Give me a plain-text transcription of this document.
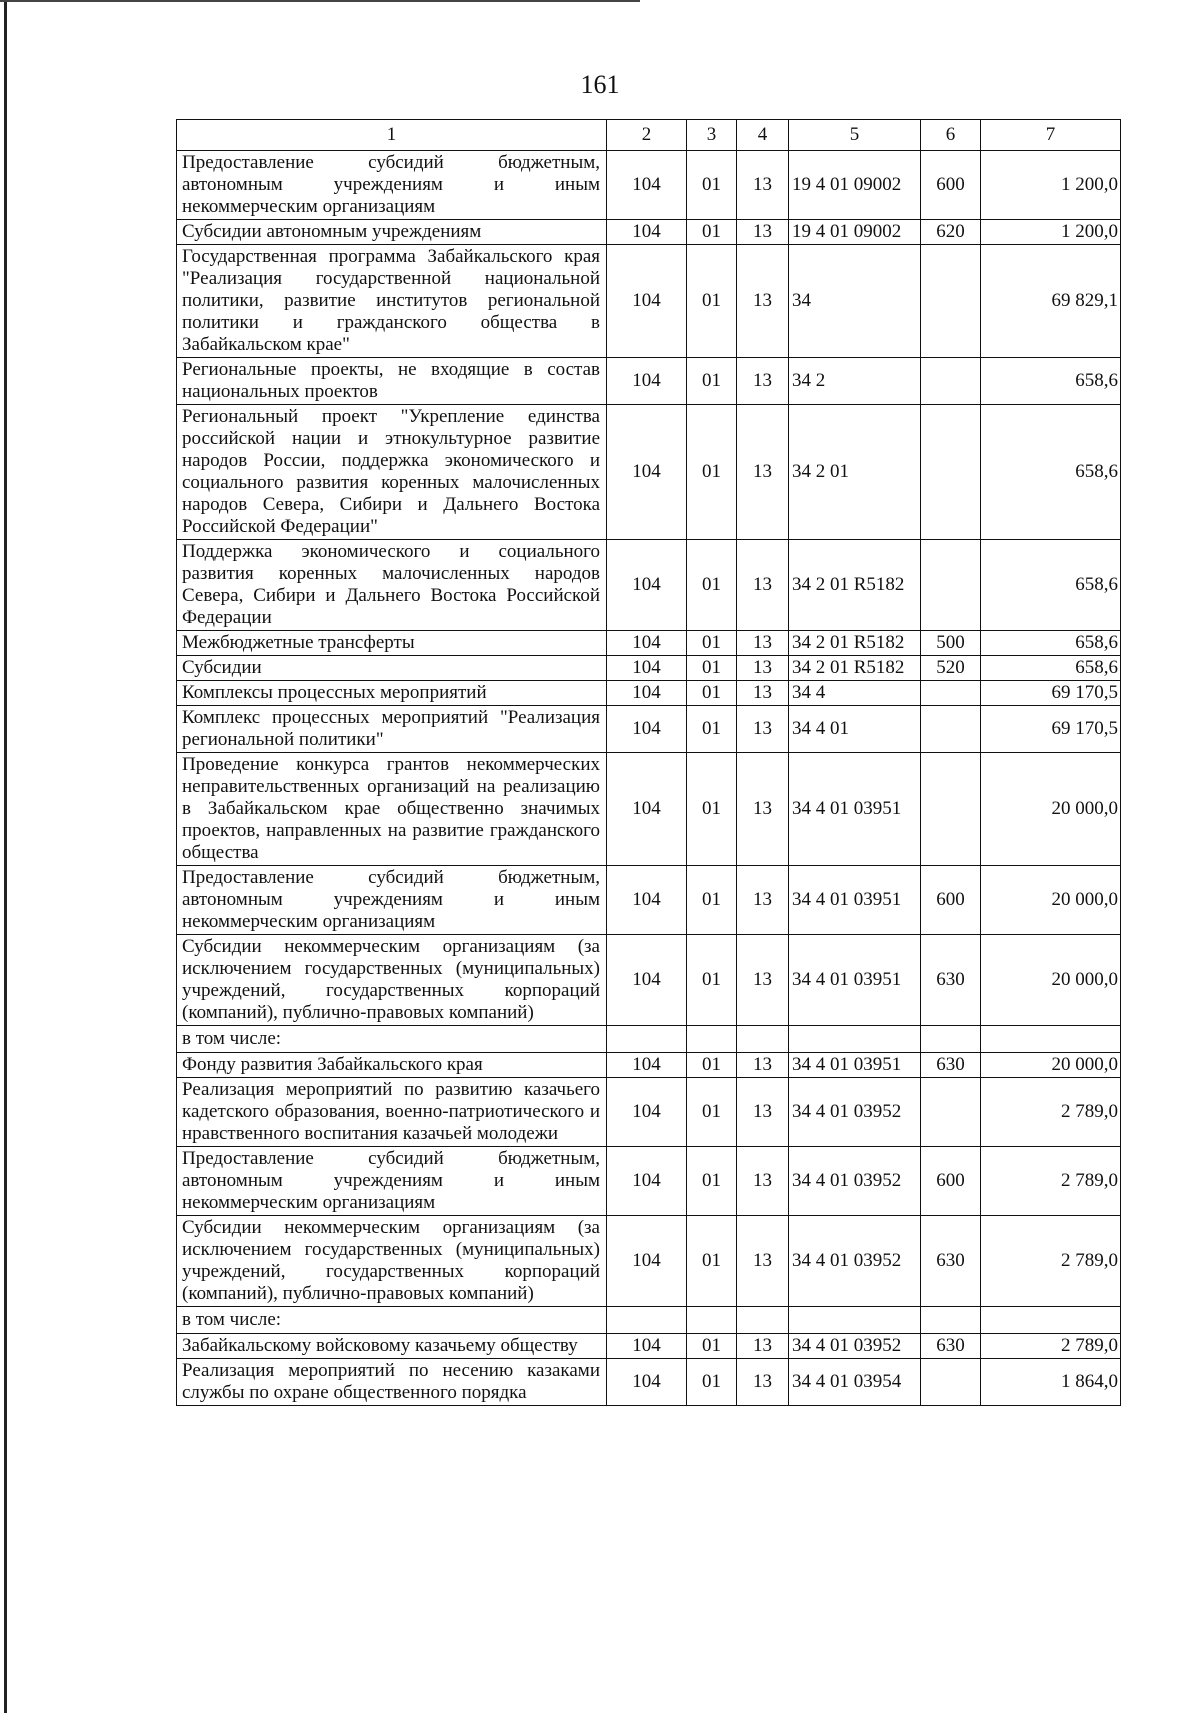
161
1	2	3	4	5	6	7
Предоставление субсидий бюджетным, автономным учреждениям и иным некоммерческим организациям	104	01	13	19 4 01 09002	600	1 200,0
Субсидии автономным учреждениям	104	01	13	19 4 01 09002	620	1 200,0
Государственная программа Забайкальского края "Реализация государственной национальной политики, развитие институтов региональной политики и гражданского общества в Забайкальском крае"	104	01	13	34		69 829,1
Региональные проекты, не входящие в состав национальных проектов	104	01	13	34 2		658,6
Региональный проект "Укрепление единства российской нации и этнокультурное развитие народов России, поддержка экономического и социального развития коренных малочисленных народов Севера, Сибири и Дальнего Востока Российской Федерации"	104	01	13	34 2 01		658,6
Поддержка экономического и социального развития коренных малочисленных народов Севера, Сибири и Дальнего Востока Российской Федерации	104	01	13	34 2 01 R5182		658,6
Межбюджетные трансферты	104	01	13	34 2 01 R5182	500	658,6
Субсидии	104	01	13	34 2 01 R5182	520	658,6
Комплексы процессных мероприятий	104	01	13	34 4		69 170,5
Комплекс процессных мероприятий "Реализация региональной политики"	104	01	13	34 4 01		69 170,5
Проведение конкурса грантов некоммерческих неправительственных организаций на реализацию в Забайкальском крае общественно значимых проектов, направленных на развитие гражданского общества	104	01	13	34 4 01 03951		20 000,0
Предоставление субсидий бюджетным, автономным учреждениям и иным некоммерческим организациям	104	01	13	34 4 01 03951	600	20 000,0
Субсидии некоммерческим организациям (за исключением государственных (муниципальных) учреждений, государственных корпораций (компаний), публично-правовых компаний)	104	01	13	34 4 01 03951	630	20 000,0
в том числе:						
Фонду развития Забайкальского края	104	01	13	34 4 01 03951	630	20 000,0
Реализация мероприятий по развитию казачьего кадетского образования, военно-патриотического и нравственного воспитания казачьей молодежи	104	01	13	34 4 01 03952		2 789,0
Предоставление субсидий бюджетным, автономным учреждениям и иным некоммерческим организациям	104	01	13	34 4 01 03952	600	2 789,0
Субсидии некоммерческим организациям (за исключением государственных (муниципальных) учреждений, государственных корпораций (компаний), публично-правовых компаний)	104	01	13	34 4 01 03952	630	2 789,0
в том числе:						
Забайкальскому войсковому казачьему обществу	104	01	13	34 4 01 03952	630	2 789,0
Реализация мероприятий по несению казаками службы по охране общественного порядка	104	01	13	34 4 01 03954		1 864,0
